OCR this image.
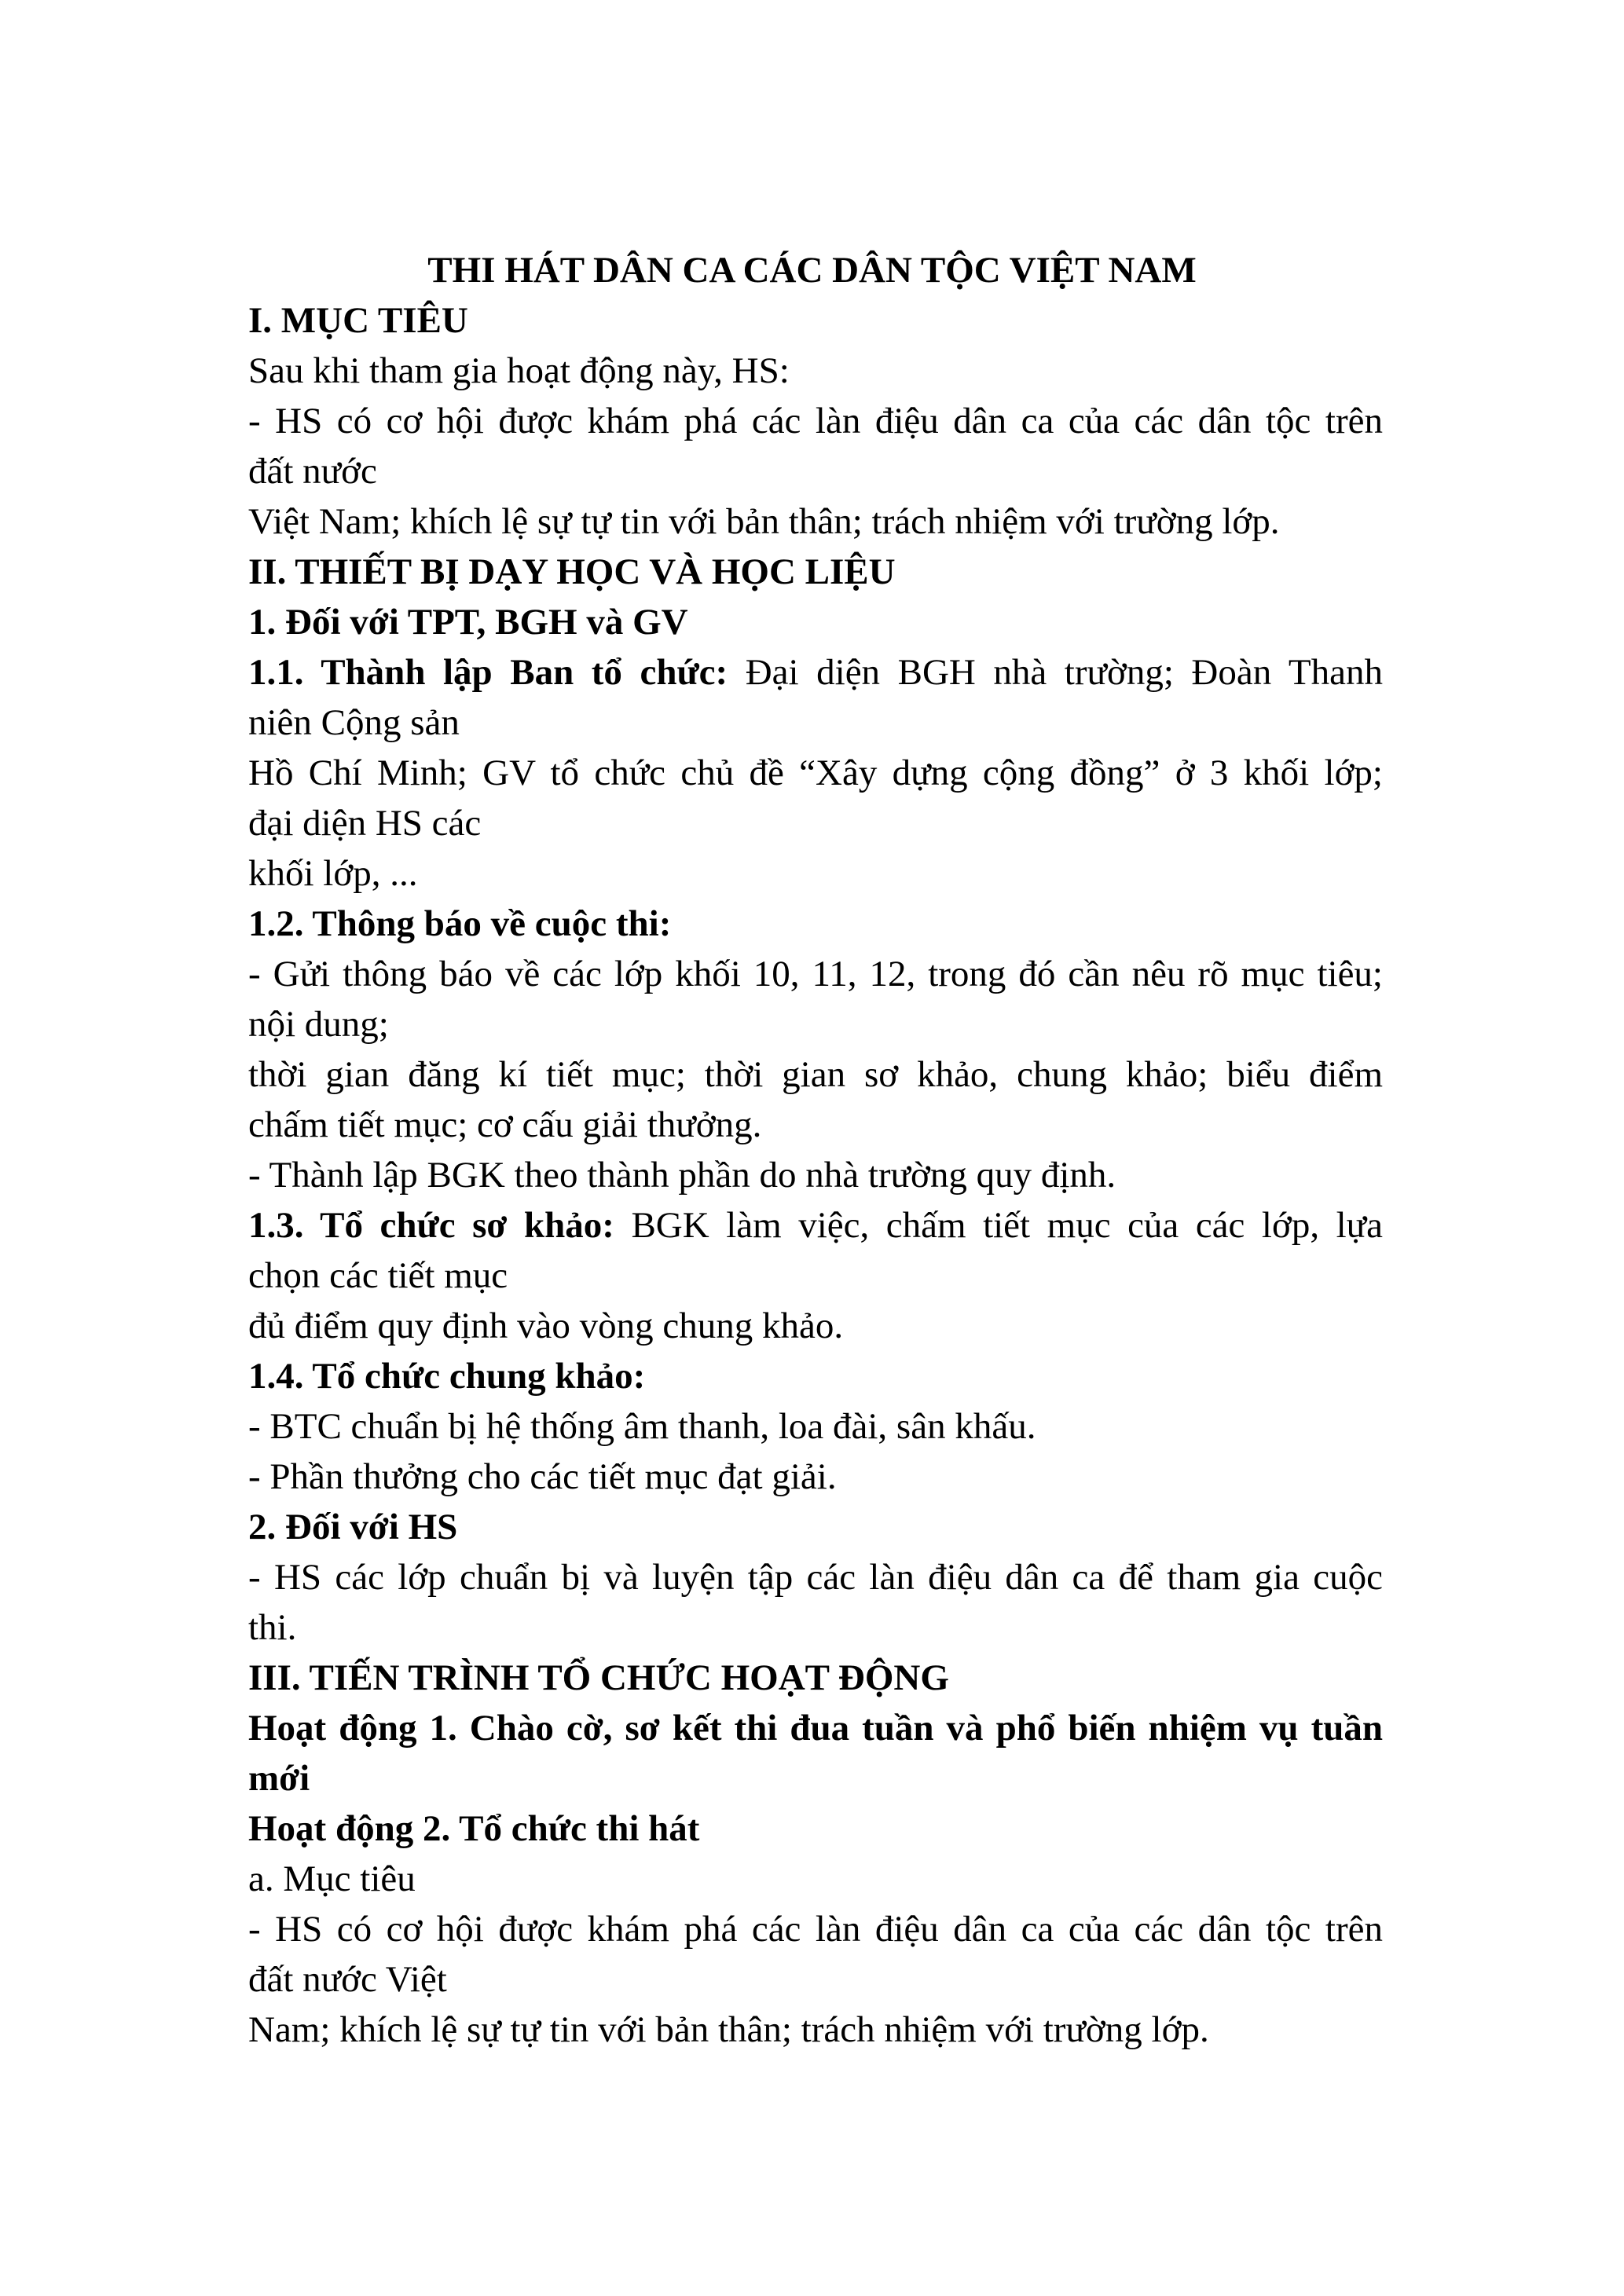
THI HÁT DÂN CA CÁC DÂN TỘC VIỆT NAM
I. MỤC TIÊU
Sau khi tham gia hoạt động này, HS:
- HS có cơ hội được khám phá các làn điệu dân ca của các dân tộc trên
đất nước
Việt Nam; khích lệ sự tự tin với bản thân; trách nhiệm với trường lớp.
II. THIẾT BỊ DẠY HỌC VÀ HỌC LIỆU
1. Đối với TPT, BGH và GV
1.1. Thành lập Ban tổ chức: Đại diện BGH nhà trường; Đoàn Thanh
niên Cộng sản
Hồ Chí Minh; GV tổ chức chủ đề “Xây dựng cộng đồng” ở 3 khối lớp;
đại diện HS các
khối lớp, ...
1.2. Thông báo về cuộc thi:
- Gửi thông báo về các lớp khối 10, 11, 12, trong đó cần nêu rõ mục tiêu;
nội dung;
thời gian đăng kí tiết mục; thời gian sơ khảo, chung khảo; biểu điểm
chấm tiết mục; cơ cấu giải thưởng.
- Thành lập BGK theo thành phần do nhà trường quy định.
1.3. Tổ chức sơ khảo: BGK làm việc, chấm tiết mục của các lớp, lựa
chọn các tiết mục
đủ điểm quy định vào vòng chung khảo.
1.4. Tổ chức chung khảo:
- BTC chuẩn bị hệ thống âm thanh, loa đài, sân khấu.
- Phần thưởng cho các tiết mục đạt giải.
2. Đối với HS
- HS các lớp chuẩn bị và luyện tập các làn điệu dân ca để tham gia cuộc
thi.
III. TIẾN TRÌNH TỔ CHỨC HOẠT ĐỘNG
Hoạt động 1. Chào cờ, sơ kết thi đua tuần và phổ biến nhiệm vụ tuần
mới
Hoạt động 2. Tổ chức thi hát
a. Mục tiêu
- HS có cơ hội được khám phá các làn điệu dân ca của các dân tộc trên
đất nước Việt
Nam; khích lệ sự tự tin với bản thân; trách nhiệm với trường lớp.
